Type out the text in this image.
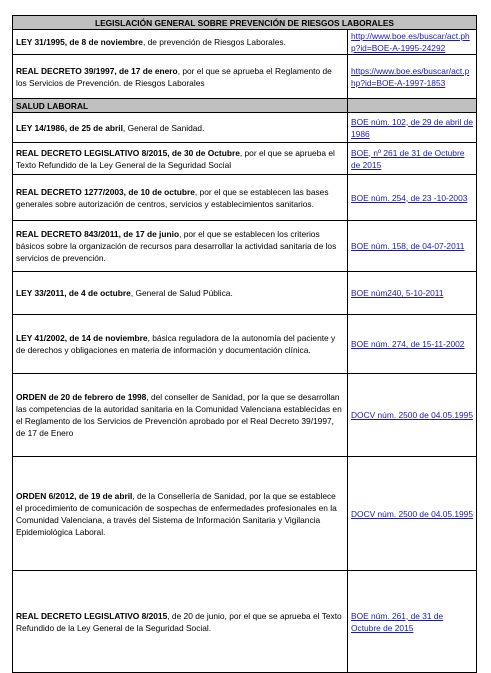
LEGISLACIÓN GENERAL SOBRE PREVENCIÓN DE RIESGOS LABORALES	
LEY 31/1995, de 8 de noviembre, de prevención de Riesgos Laborales.	http://www.boe.es/buscar/act.php?id=BOE-A-1995-24292
REAL DECRETO 39/1997, de 17 de enero, por el que se aprueba el Reglamento de los Servicios de Prevención. de Riesgos Laborales	https://www.boe.es/buscar/act.php?id=BOE-A-1997-1853
SALUD LABORAL	
LEY 14/1986, de 25 de abril, General de Sanidad.	BOE núm. 102, de 29 de abril de 1986
REAL DECRETO LEGISLATIVO 8/2015, de 30 de Octubre, por el que se aprueba el Texto Refundido de la Ley General de la Seguridad Social	BOE, nº 261 de 31 de Octubre de 2015
REAL DECRETO 1277/2003, de 10 de octubre, por el que se establecen las bases generales sobre autorización de centros, servicios y establecimientos sanitarios.	BOE núm. 254, de 23 -10-2003
REAL DECRETO 843/2011, de 17 de junio, por el que se establecen los criterios básicos sobre la organización de recursos para desarrollar la actividad sanitaria de los servicios de prevención.	BOE núm. 158, de 04-07-2011
LEY 33/2011, de 4 de octubre, General de Salud Pública.	BOE núm240, 5-10-2011
LEY 41/2002, de 14 de noviembre, básica reguladora de la autonomía del paciente y de derechos y obligaciones en materia de información y documentación clínica.	BOE núm. 274, de 15-11-2002
ORDEN de 20 de febrero de 1998, del conseller de Sanidad, por la que se desarrollan las competencias de la autoridad sanitaria en la Comunidad Valenciana establecidas en el Reglamento de los Servicios de Prevención aprobado por el Real Decreto 39/1997, de 17 de Enero	DOCV núm. 2500 de 04.05.1995
ORDEN 6/2012, de 19 de abril, de la Consellería de Sanidad, por la que se establece el procedimiento de comunicación de sospechas de enfermedades profesionales en la Comunidad Valenciana, a través del Sistema de Información Sanitaria y Vigilancia Epidemiológica Laboral.	DOCV núm. 2500 de 04.05.1995
REAL DECRETO LEGISLATIVO 8/2015, de 20 de junio, por el que se aprueba el Texto Refundido de la Ley General de la Seguridad Social.	BOE núm. 261, de 31 de Octubre de 2015
